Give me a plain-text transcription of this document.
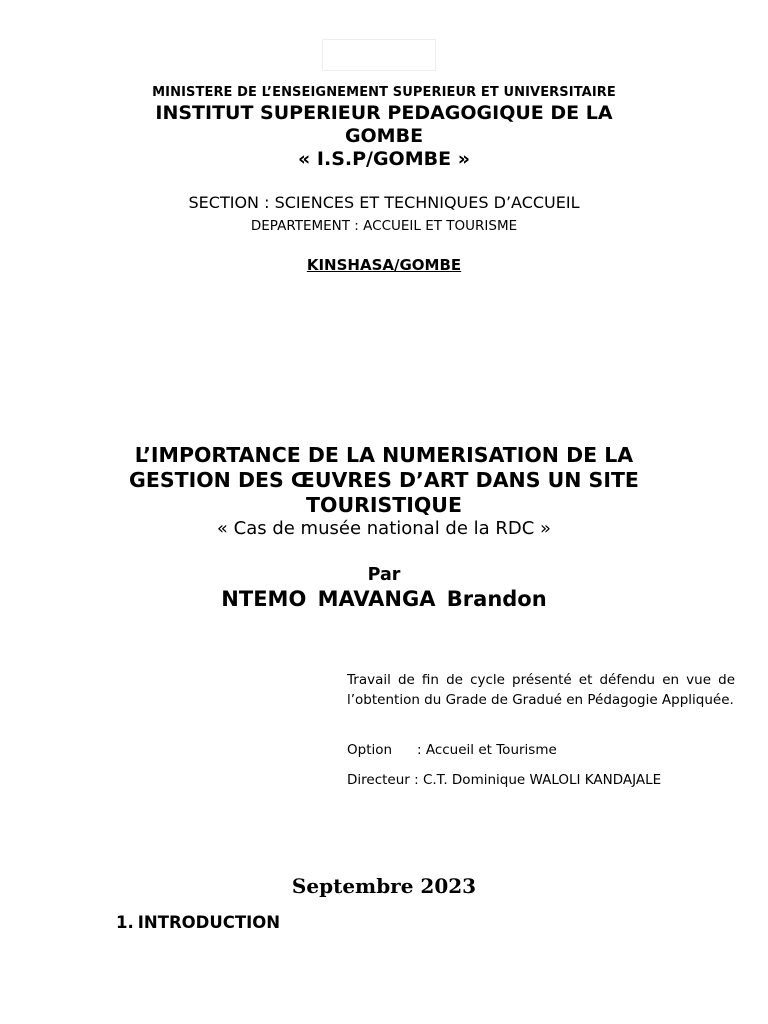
MINISTERE DE L’ENSEIGNEMENT SUPERIEUR ET UNIVERSITAIRE
INSTITUT SUPERIEUR PEDAGOGIQUE DE LA
GOMBE
« I.S.P/GOMBE »
SECTION : SCIENCES ET TECHNIQUES D’ACCUEIL
DEPARTEMENT : ACCUEIL ET TOURISME
KINSHASA/GOMBE
L’IMPORTANCE DE LA NUMERISATION DE LA
GESTION DES ŒUVRES D’ART DANS UN SITE
TOURISTIQUE
« Cas de musée national de la RDC »
Par
NTEMO MAVANGA Brandon
Travail de fin de cycle présenté et défendu en vue de l’obtention du Grade de Gradué en Pédagogie Appliquée.
Option : Accueil et Tourisme
Directeur : C.T. Dominique WALOLI KANDAJALE
Septembre 2023
1. INTRODUCTION
